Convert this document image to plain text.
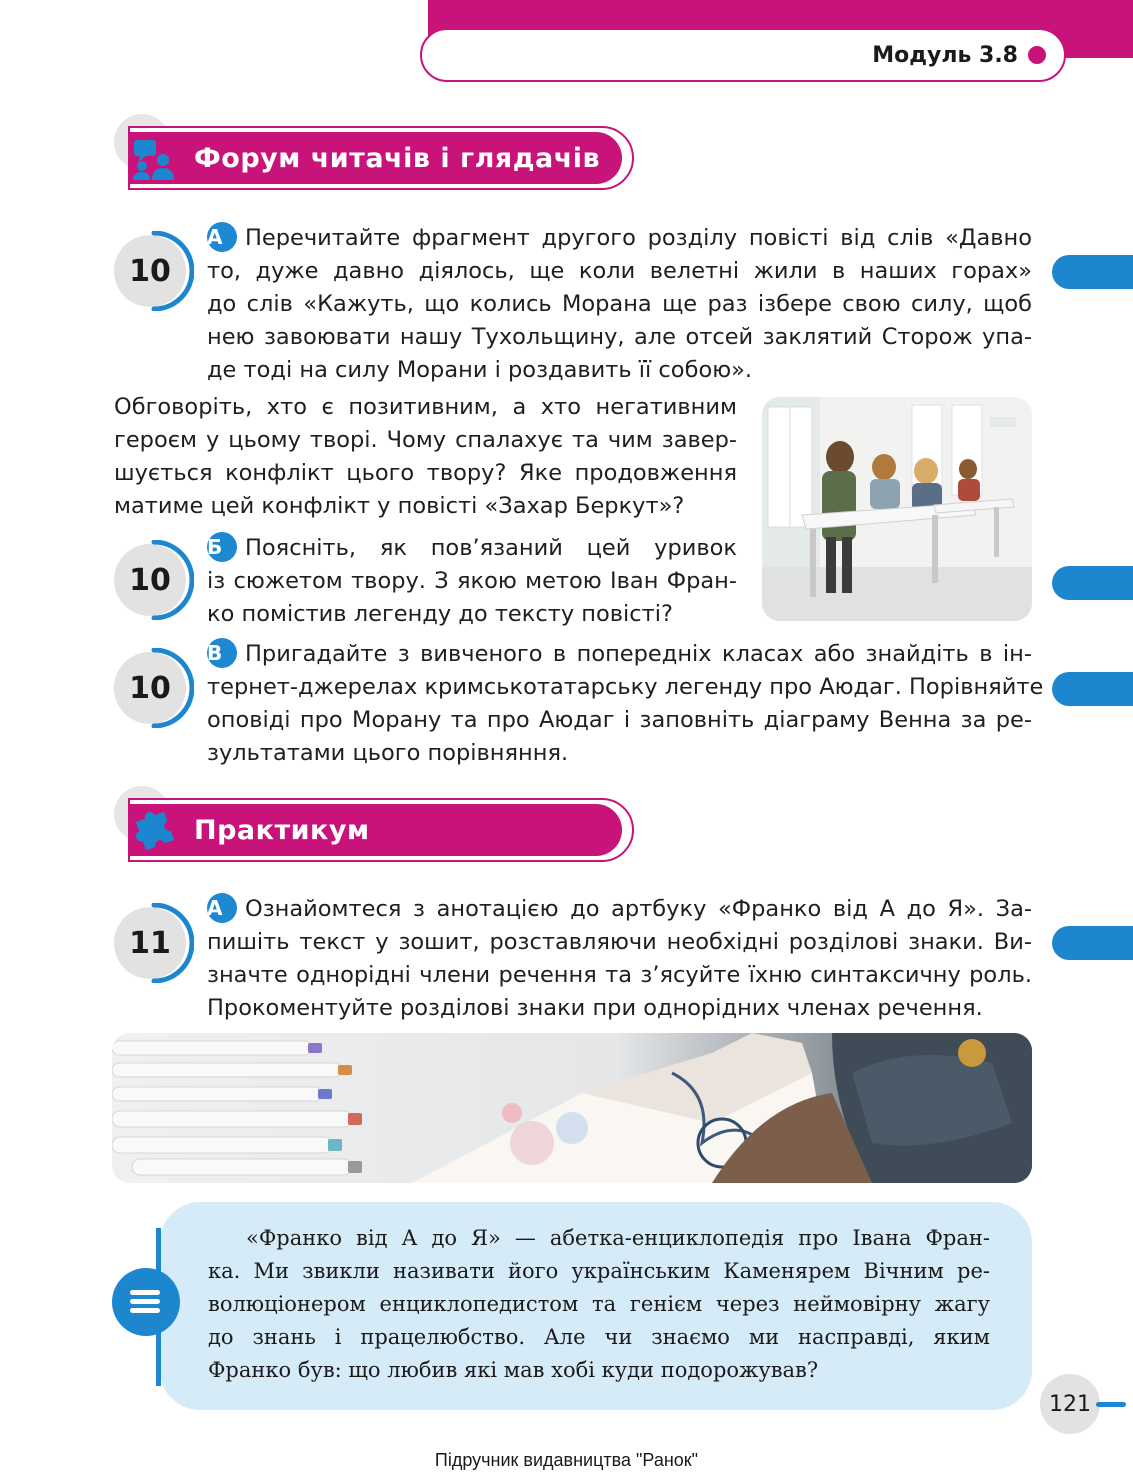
Модуль 3.8
Форум читачів і глядачів
10
А Перечитайте фрагмент другого розділу повісті від слів «Давно
то, дуже давно діялось, ще коли велетні жили в наших горах»
до слів «Кажуть, що колись Морана ще раз ізбере свою силу, щоб
нею завоювати нашу Тухольщину, але отсей заклятий Сторож упа-
де тоді на силу Морани і роздавить її собою».
Обговоріть, хто є позитивним, а хто негативним
героєм у цьому творі. Чому спалахує та чим завер-
шується конфлікт цього твору? Яке продовження
матиме цей конфлікт у повісті «Захар Беркут»?
10
Б Поясніть, як пов’язаний цей уривок
із сюжетом твору. З якою метою Іван Фран-
ко помістив легенду до тексту повісті?
10
В Пригадайте з вивченого в попередніх класах або знайдіть в ін-
тернет-джерелах кримськотатарську легенду про Аюдаг. Порівняйте
оповіді про Морану та про Аюдаг і заповніть діаграму Венна за ре-
зультатами цього порівняння.
Практикум
11
А Ознайомтеся з анотацією до артбуку «Франко від А до Я». За-
пишіть текст у зошит, розставляючи необхідні розділові знаки. Ви-
значте однорідні члени речення та з’ясуйте їхню синтаксичну роль.
Прокоментуйте розділові знаки при однорідних членах речення.
«Франко від А до Я» — абетка-енциклопедія про Івана Фран-
ка. Ми звикли називати його українським Каменярем Вічним ре-
волюціонером енциклопедистом та генієм через неймовірну жагу
до знань і працелюбство. Але чи знаємо ми насправді, яким
Франко був: що любив які мав хобі куди подорожував?
121
Підручник видавництва "Ранок"
